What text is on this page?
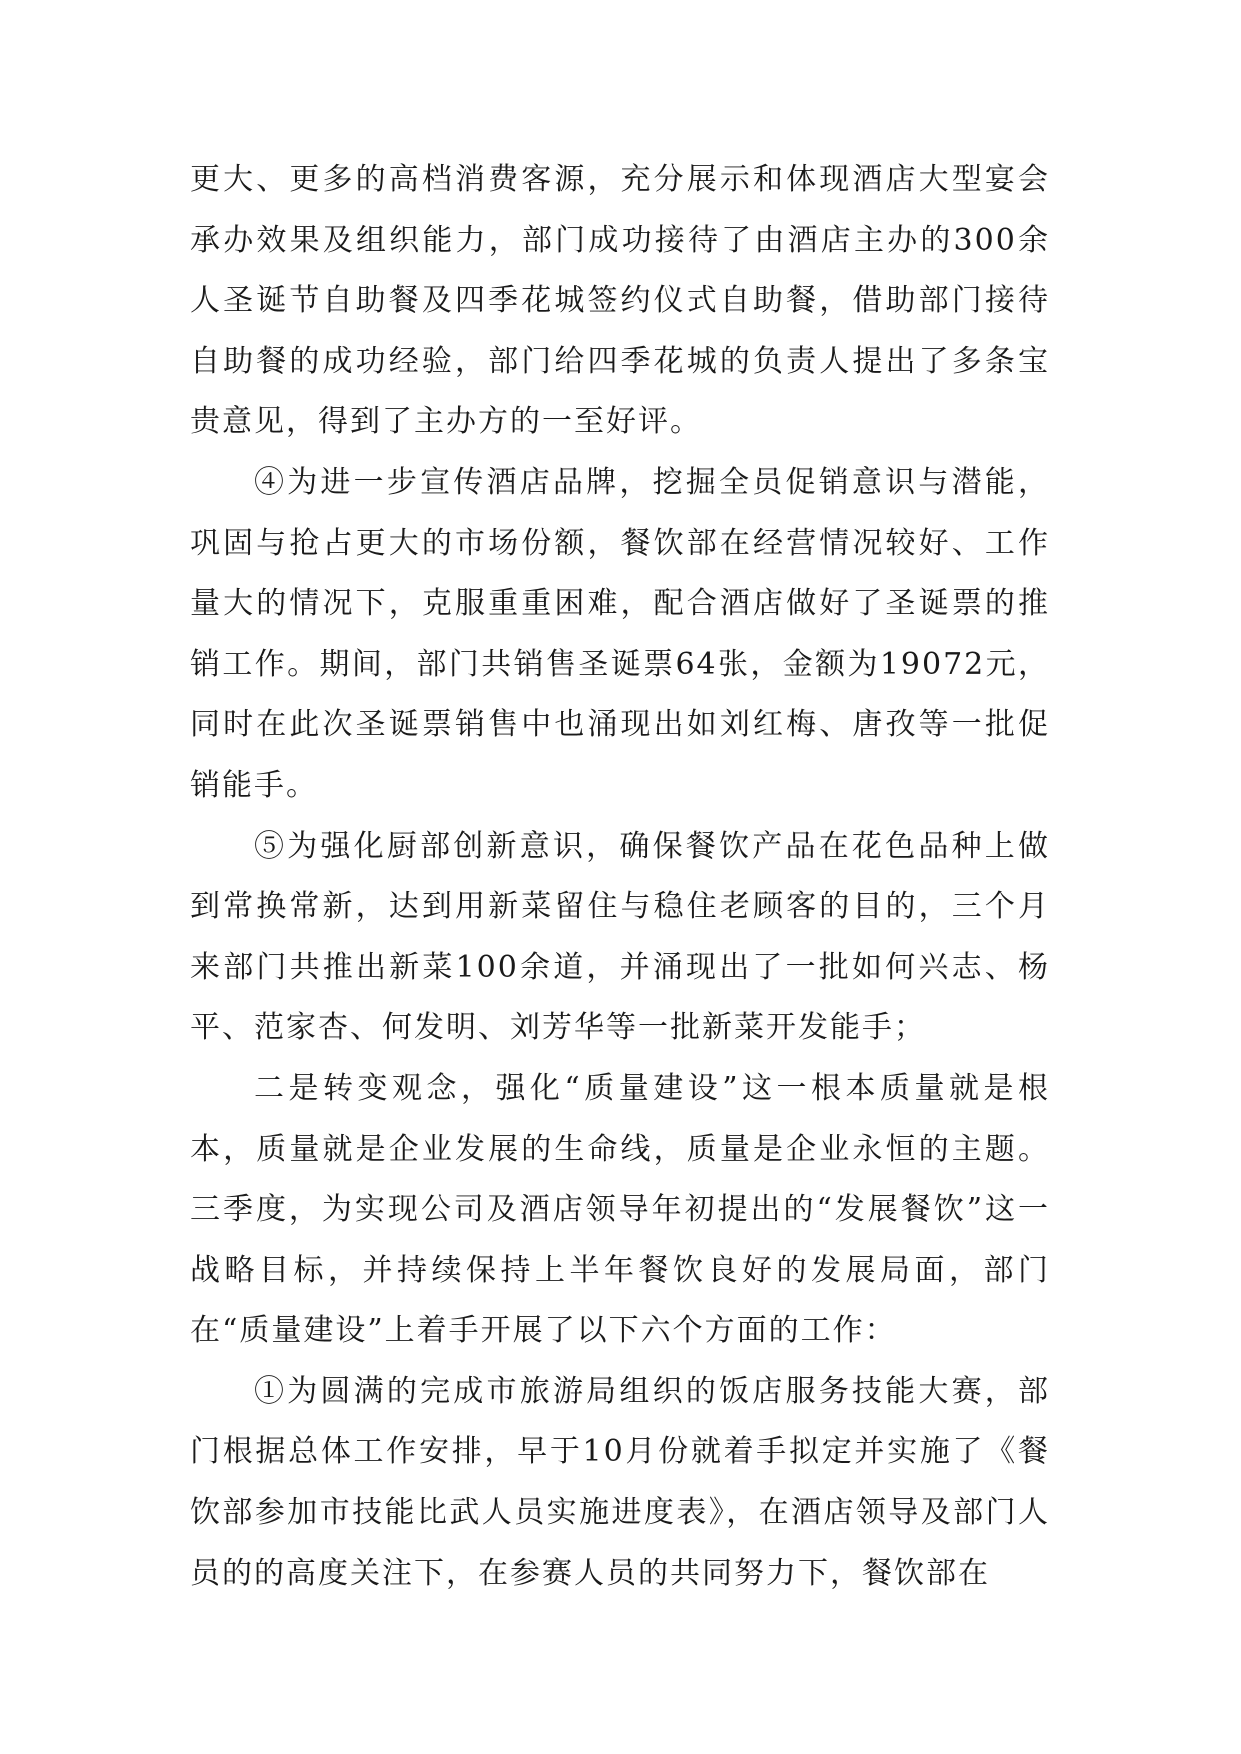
更大、更多的高档消费客源，充分展示和体现酒店大型宴会承办效果及组织能力，部门成功接待了由酒店主办的300余人圣诞节自助餐及四季花城签约仪式自助餐，借助部门接待自助餐的成功经验，部门给四季花城的负责人提出了多条宝贵意见，得到了主办方的一至好评。

④为进一步宣传酒店品牌，挖掘全员促销意识与潜能，巩固与抢占更大的市场份额，餐饮部在经营情况较好、工作量大的情况下，克服重重困难，配合酒店做好了圣诞票的推销工作。期间，部门共销售圣诞票64张，金额为19072元，同时在此次圣诞票销售中也涌现出如刘红梅、唐孜等一批促销能手。

⑤为强化厨部创新意识，确保餐饮产品在花色品种上做到常换常新，达到用新菜留住与稳住老顾客的目的，三个月来部门共推出新菜100余道，并涌现出了一批如何兴志、杨平、范家杏、何发明、刘芳华等一批新菜开发能手；

二是转变观念，强化“质量建设”这一根本质量就是根本，质量就是企业发展的生命线，质量是企业永恒的主题。三季度，为实现公司及酒店领导年初提出的“发展餐饮”这一战略目标，并持续保持上半年餐饮良好的发展局面，部门在“质量建设”上着手开展了以下六个方面的工作：

①为圆满的完成市旅游局组织的饭店服务技能大赛，部门根据总体工作安排，早于10月份就着手拟定并实施了《餐饮部参加市技能比武人员实施进度表》，在酒店领导及部门人员的的高度关注下，在参赛人员的共同努力下，餐饮部在
